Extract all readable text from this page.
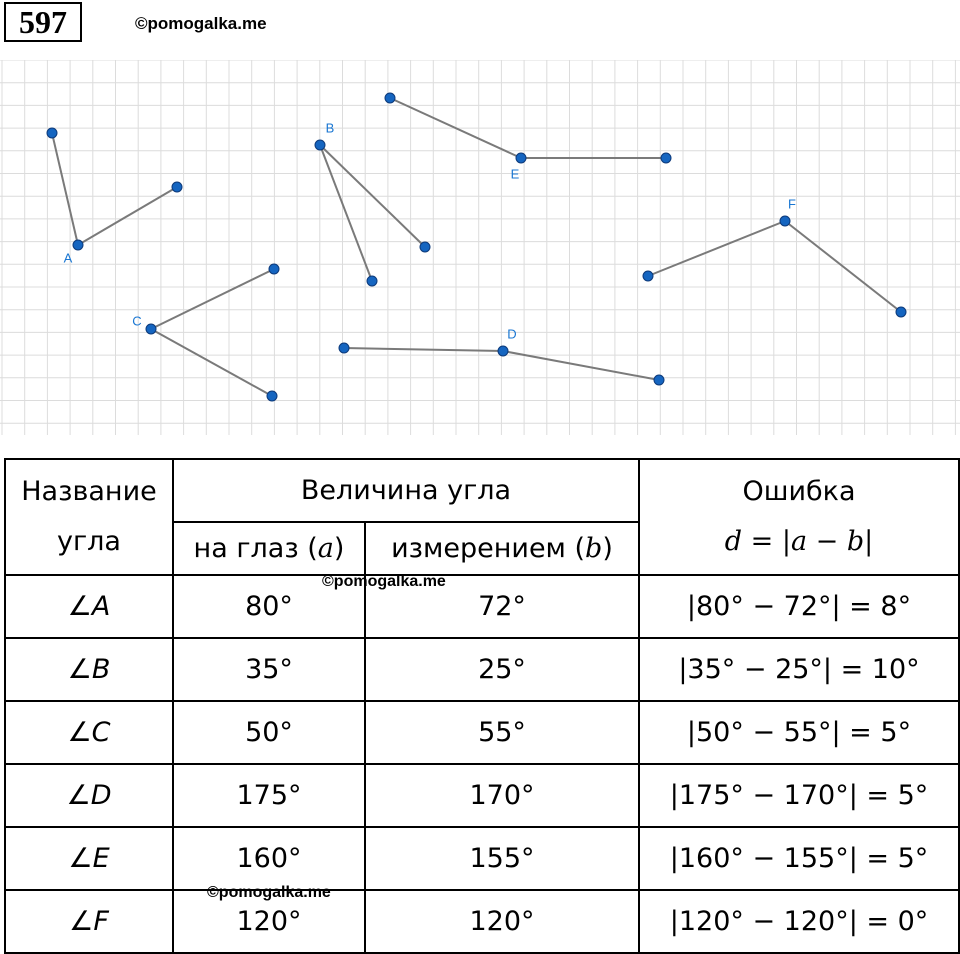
597	©pomogalka.me
A
B
C
D
E
F
©pomogalka.me
©pomogalka.me
Название
угла	Величина угла		Ошибка
d = |a − b|

	на глаз (a)	измерением (b)	
∠A	80°	72°	|80° − 72°| = 8°
∠B	35°	25°	|35° − 25°| = 10°
∠C	50°	55°	|50° − 55°| = 5°
∠D	175°	170°	|175° − 170°| = 5°
∠E	160°	155°	|160° − 155°| = 5°
∠F	120°	120°	|120° − 120°| = 0°
